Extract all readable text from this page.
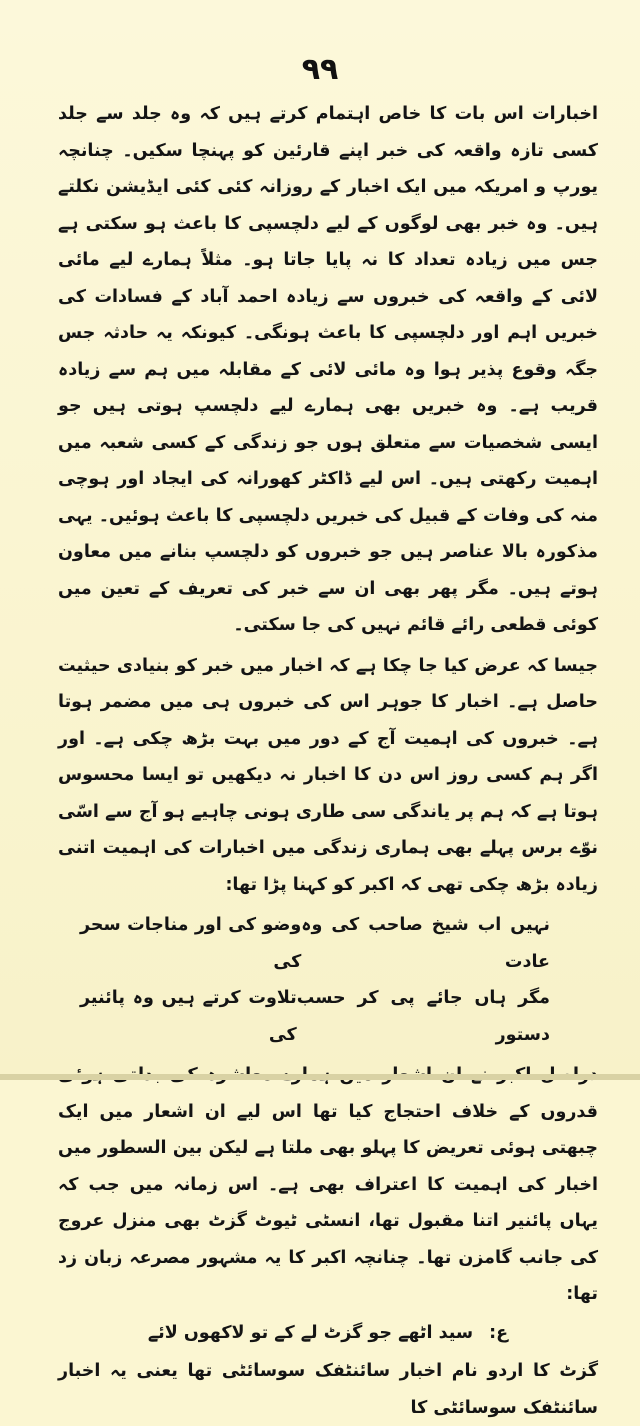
۹۹

اخبارات اس بات کا خاص اہتمام کرتے ہیں کہ وہ جلد سے جلد کسی تازہ واقعہ کی خبر اپنے قارئین کو پہنچا سکیں۔ چنانچہ یورپ و امریکہ میں ایک اخبار کے روزانہ کئی کئی ایڈیشن نکلتے ہیں۔ وہ خبر بھی لوگوں کے لیے دلچسپی کا باعث ہو سکتی ہے جس میں زیادہ تعداد کا نہ پایا جاتا ہو۔ مثلاً ہمارے لیے مائی لائی کے واقعہ کی خبروں سے زیادہ احمد آباد کے فسادات کی خبریں اہم اور دلچسپی کا باعث ہونگی۔ کیونکہ یہ حادثہ جس جگہ وقوع پذیر ہوا وہ مائی لائی کے مقابلہ میں ہم سے زیادہ قریب ہے۔ وہ خبریں بھی ہمارے لیے دلچسپ ہوتی ہیں جو ایسی شخصیات سے متعلق ہوں جو زندگی کے کسی شعبہ میں اہمیت رکھتی ہیں۔ اس لیے ڈاکٹر کھورانہ کی ایجاد اور ہوچی منہ کی وفات کے قبیل کی خبریں دلچسپی کا باعث ہوئیں۔ یہی مذکورہ بالا عناصر ہیں جو خبروں کو دلچسپ بنانے میں معاون ہوتے ہیں۔ مگر پھر بھی ان سے خبر کی تعریف کے تعین میں کوئی قطعی رائے قائم نہیں کی جا سکتی۔

جیسا کہ عرض کیا جا چکا ہے کہ اخبار میں خبر کو بنیادی حیثیت حاصل ہے۔ اخبار کا جوہر اس کی خبروں ہی میں مضمر ہوتا ہے۔ خبروں کی اہمیت آج کے دور میں بہت بڑھ چکی ہے۔ اور اگر ہم کسی روز اس دن کا اخبار نہ دیکھیں تو ایسا محسوس ہوتا ہے کہ ہم پر یاندگی سی طاری ہونی چاہیے ہو آج سے اسّی نوّے برس پہلے بھی ہماری زندگی میں اخبارات کی اہمیت اتنی زیادہ بڑھ چکی تھی کہ اکبر کو کہنا پڑا تھا:

نہیں اب شیخ صاحب کی وہ عادت
وضو کی اور مناجات سحر کی
مگر ہاں جائے پی کر حسب دستور
تلاوت کرتے ہیں وہ پائنیر کی

قدروں کے خلاف احتجاج کیا تھا اس لیے ان اشعار میں ایک چبھتی ہوئی تعریض کا پہلو بھی ملتا ہے لیکن بین السطور میں اخبار کی اہمیت کا اعتراف بھی ہے۔ اس زمانہ میں جب کہ یہاں پائنیر اتنا مقبول تھا، انسٹی ٹیوٹ گزٹ بھی منزل عروج کی جانب گامزن تھا۔ چنانچہ اکبر کا یہ مشہور مصرعہ زبان زد تھا:

ع: سید اٹھے جو گزٹ لے کے تو لاکھوں لائے

گزٹ کا اردو نام اخبار سائنٹفک سوسائٹی تھا یعنی یہ اخبار سائنٹفک سوسائٹی کا
